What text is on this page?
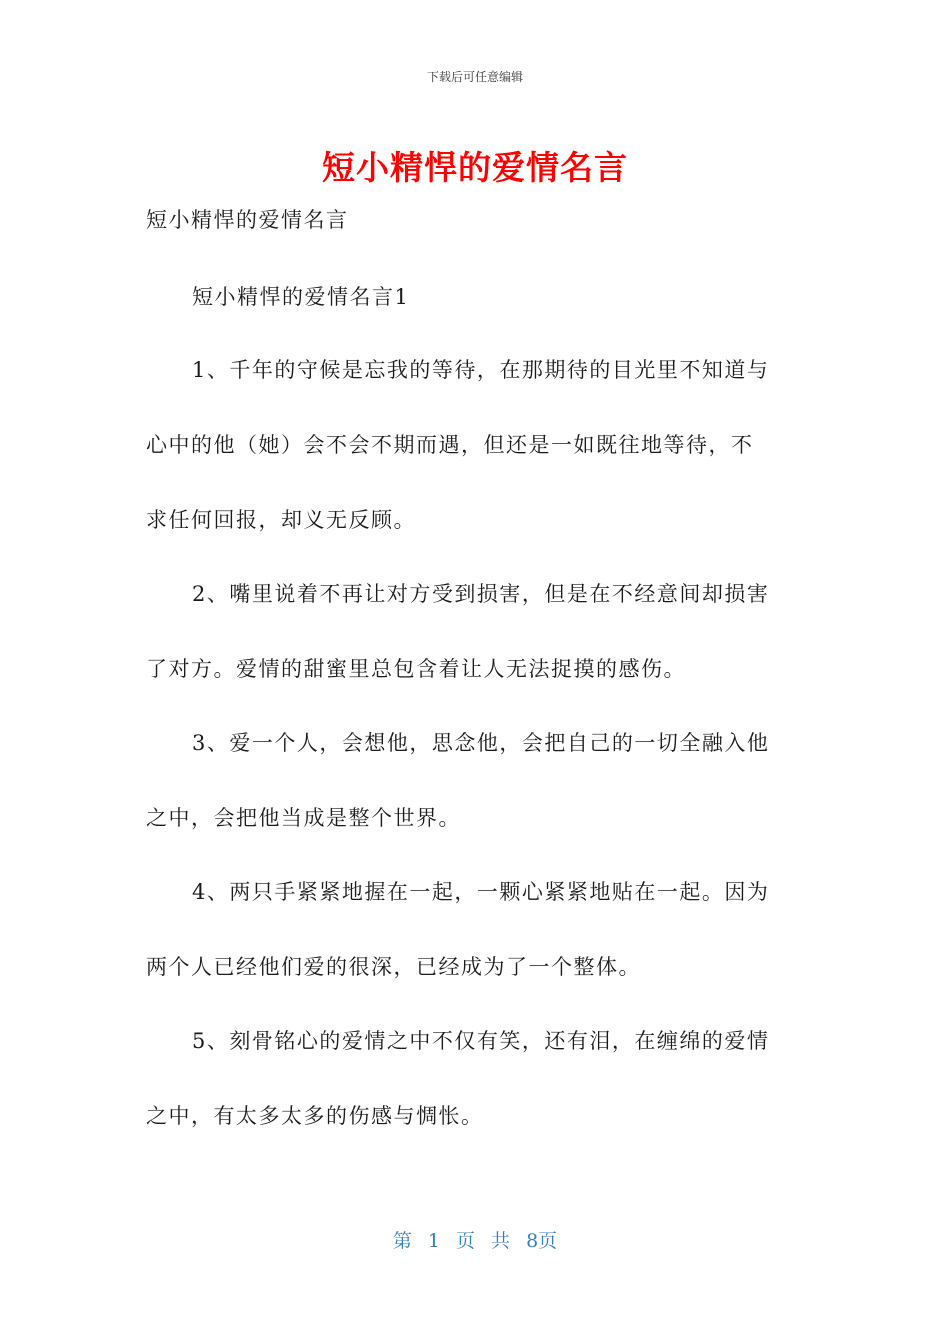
下载后可任意编辑
短小精悍的爱情名言
短小精悍的爱情名言
短小精悍的爱情名言1
1、千年的守候是忘我的等待，在那期待的目光里不知道与
心中的他（她）会不会不期而遇，但还是一如既往地等待，不
求任何回报，却义无反顾。
2、嘴里说着不再让对方受到损害，但是在不经意间却损害
了对方。爱情的甜蜜里总包含着让人无法捉摸的感伤。
3、爱一个人，会想他，思念他，会把自己的一切全融入他
之中，会把他当成是整个世界。
4、两只手紧紧地握在一起，一颗心紧紧地贴在一起。因为
两个人已经他们爱的很深，已经成为了一个整体。
5、刻骨铭心的爱情之中不仅有笑，还有泪，在缠绵的爱情
之中，有太多太多的伤感与惆怅。
第 1 页 共 8页
